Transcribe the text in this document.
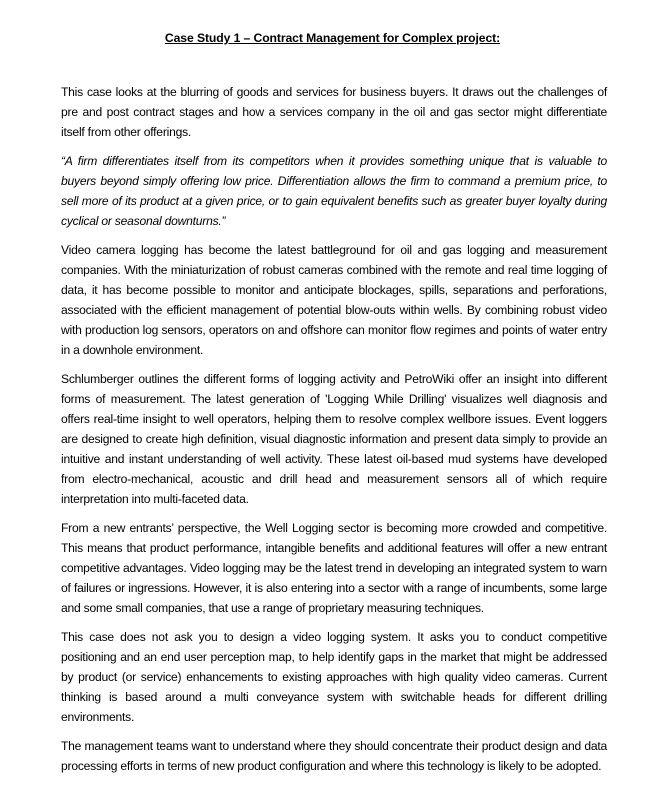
Case Study 1 – Contract Management for Complex project:

This case looks at the blurring of goods and services for business buyers. It draws out the challenges of pre and post contract stages and how a services company in the oil and gas sector might differentiate itself from other offerings.

“A firm differentiates itself from its competitors when it provides something unique that is valuable to buyers beyond simply offering low price. Differentiation allows the firm to command a premium price, to sell more of its product at a given price, or to gain equivalent benefits such as greater buyer loyalty during cyclical or seasonal downturns.”

Video camera logging has become the latest battleground for oil and gas logging and measurement companies. With the miniaturization of robust cameras combined with the remote and real time logging of data, it has become possible to monitor and anticipate blockages, spills, separations and perforations, associated with the efficient management of potential blow-outs within wells. By combining robust video with production log sensors, operators on and offshore can monitor flow regimes and points of water entry in a downhole environment.

Schlumberger outlines the different forms of logging activity and PetroWiki offer an insight into different forms of measurement. The latest generation of 'Logging While Drilling' visualizes well diagnosis and offers real-time insight to well operators, helping them to resolve complex wellbore issues. Event loggers are designed to create high definition, visual diagnostic information and present data simply to provide an intuitive and instant understanding of well activity. These latest oil-based mud systems have developed from electro-mechanical, acoustic and drill head and measurement sensors all of which require interpretation into multi-faceted data.

From a new entrants’ perspective, the Well Logging sector is becoming more crowded and competitive. This means that product performance, intangible benefits and additional features will offer a new entrant competitive advantages. Video logging may be the latest trend in developing an integrated system to warn of failures or ingressions. However, it is also entering into a sector with a range of incumbents, some large and some small companies, that use a range of proprietary measuring techniques.

This case does not ask you to design a video logging system. It asks you to conduct competitive positioning and an end user perception map, to help identify gaps in the market that might be addressed by product (or service) enhancements to existing approaches with high quality video cameras. Current thinking is based around a multi conveyance system with switchable heads for different drilling environments.

The management teams want to understand where they should concentrate their product design and data processing efforts in terms of new product configuration and where this technology is likely to be adopted.
